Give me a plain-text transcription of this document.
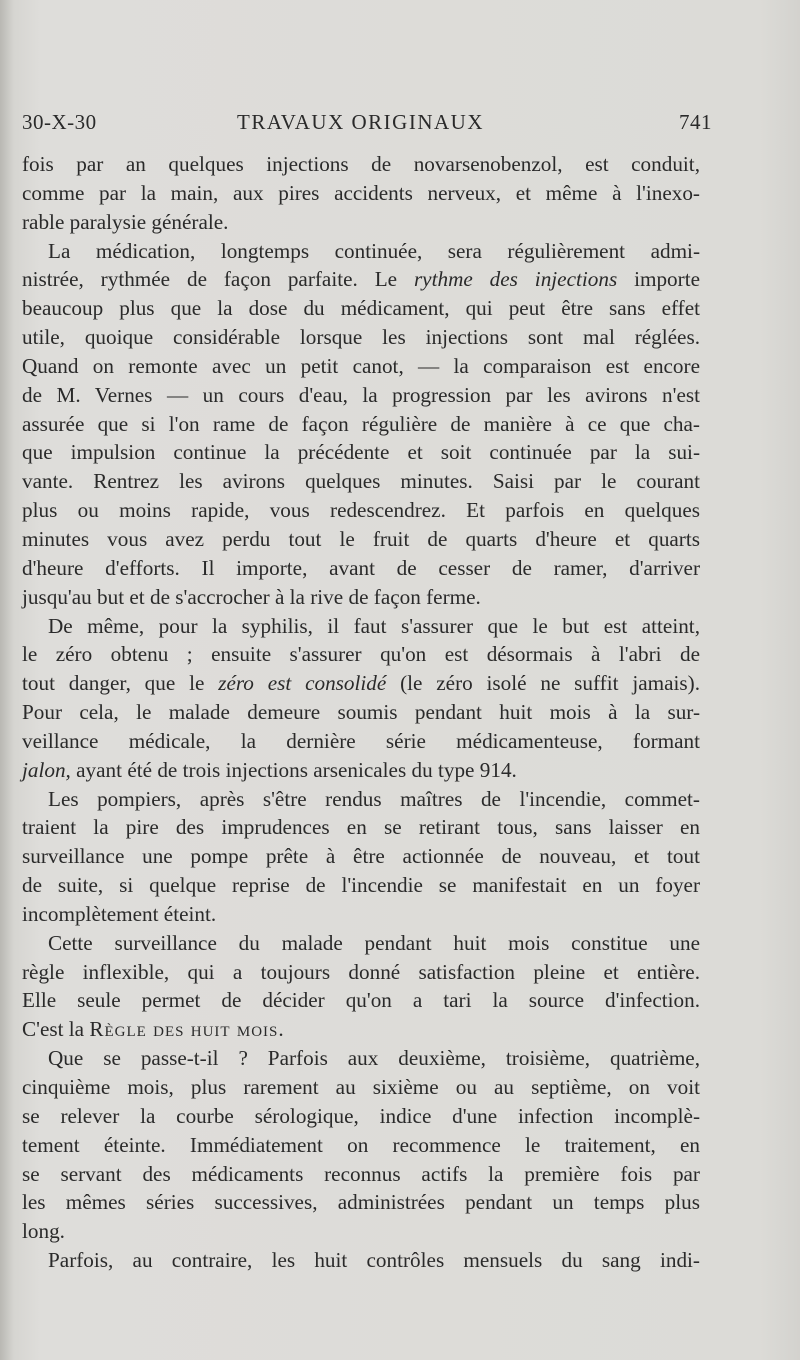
30-X-30	TRAVAUX ORIGINAUX	741
fois par an quelques injections de novarsenobenzol, est conduit,
comme par la main, aux pires accidents nerveux, et même à l'inexo-
rable paralysie générale.
La médication, longtemps continuée, sera régulièrement admi-
nistrée, rythmée de façon parfaite. Le rythme des injections importe
beaucoup plus que la dose du médicament, qui peut être sans effet
utile, quoique considérable lorsque les injections sont mal réglées.
Quand on remonte avec un petit canot, — la comparaison est encore
de M. Vernes — un cours d'eau, la progression par les avirons n'est
assurée que si l'on rame de façon régulière de manière à ce que cha-
que impulsion continue la précédente et soit continuée par la sui-
vante. Rentrez les avirons quelques minutes. Saisi par le courant
plus ou moins rapide, vous redescendrez. Et parfois en quelques
minutes vous avez perdu tout le fruit de quarts d'heure et quarts
d'heure d'efforts. Il importe, avant de cesser de ramer, d'arriver
jusqu'au but et de s'accrocher à la rive de façon ferme.
De même, pour la syphilis, il faut s'assurer que le but est atteint,
le zéro obtenu ; ensuite s'assurer qu'on est désormais à l'abri de
tout danger, que le zéro est consolidé (le zéro isolé ne suffit jamais).
Pour cela, le malade demeure soumis pendant huit mois à la sur-
veillance médicale, la dernière série médicamenteuse, formant
jalon, ayant été de trois injections arsenicales du type 914.
Les pompiers, après s'être rendus maîtres de l'incendie, commet-
traient la pire des imprudences en se retirant tous, sans laisser en
surveillance une pompe prête à être actionnée de nouveau, et tout
de suite, si quelque reprise de l'incendie se manifestait en un foyer
incomplètement éteint.
Cette surveillance du malade pendant huit mois constitue une
règle inflexible, qui a toujours donné satisfaction pleine et entière.
Elle seule permet de décider qu'on a tari la source d'infection.
C'est la Règle des huit mois.
Que se passe-t-il ? Parfois aux deuxième, troisième, quatrième,
cinquième mois, plus rarement au sixième ou au septième, on voit
se relever la courbe sérologique, indice d'une infection incomplè-
tement éteinte. Immédiatement on recommence le traitement, en
se servant des médicaments reconnus actifs la première fois par
les mêmes séries successives, administrées pendant un temps plus
long.
Parfois, au contraire, les huit contrôles mensuels du sang indi-
